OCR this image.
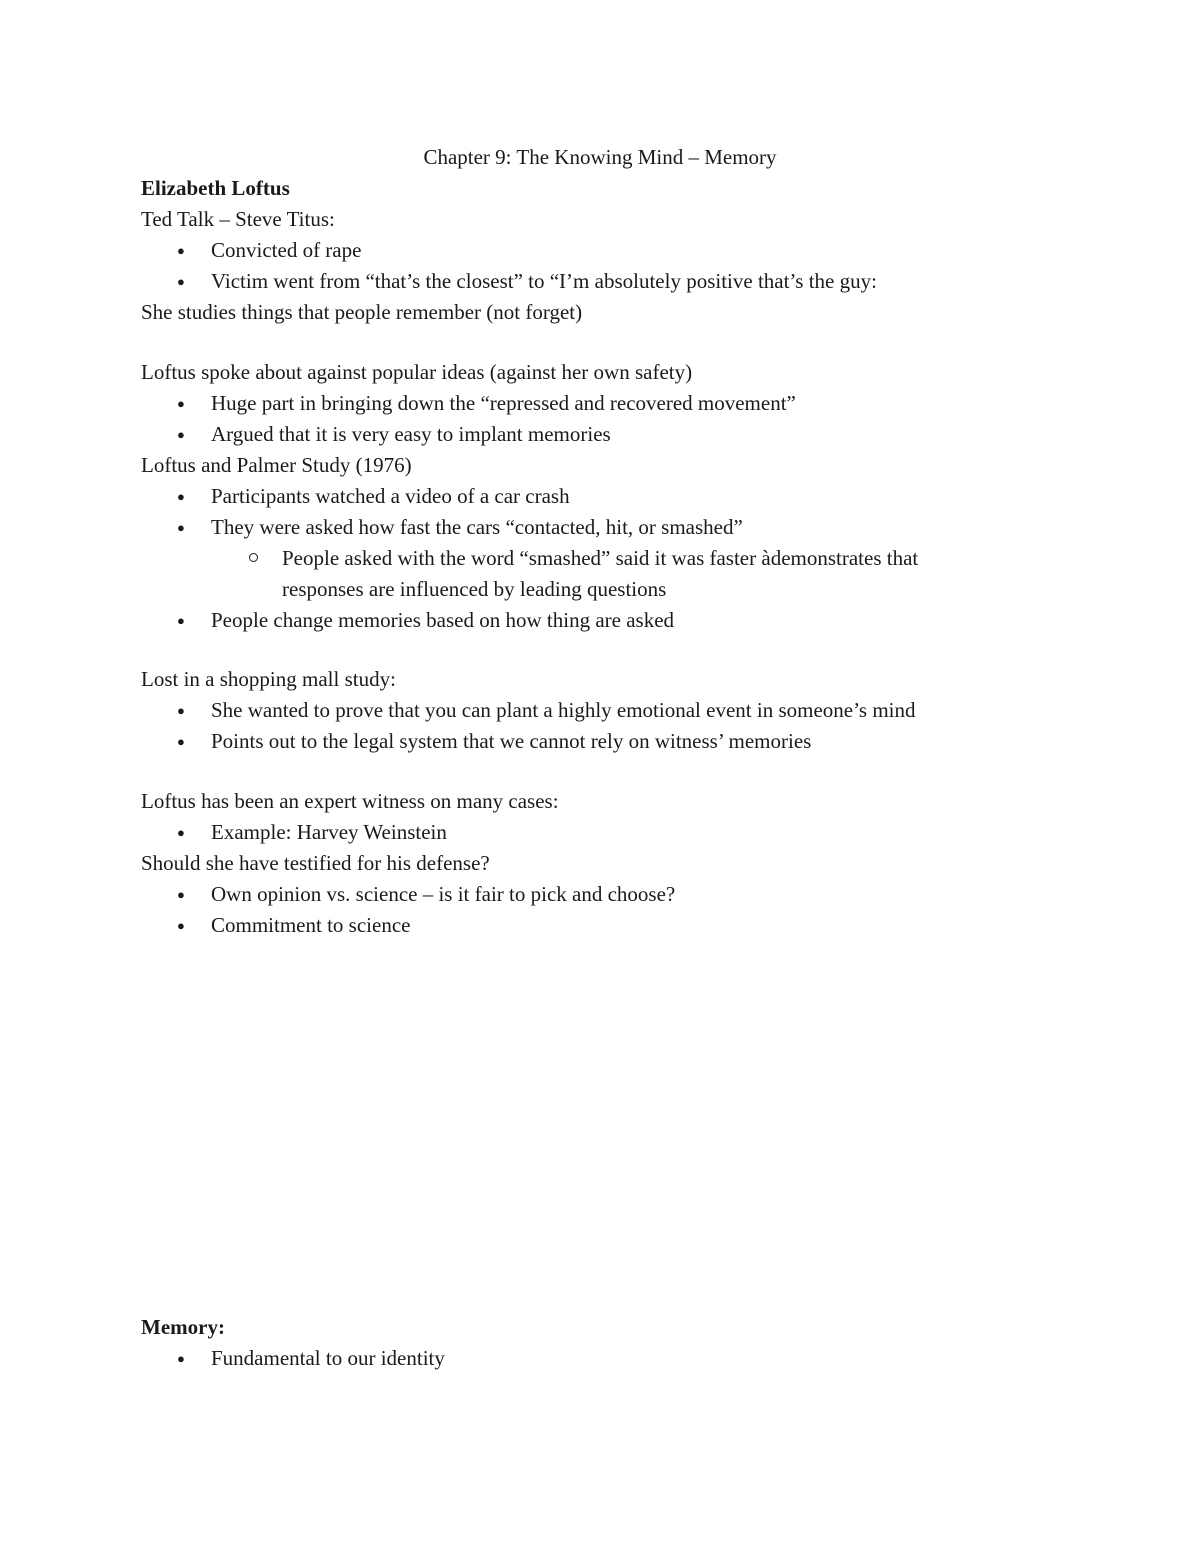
Chapter 9: The Knowing Mind – Memory
Elizabeth Loftus
Ted Talk – Steve Titus:
● Convicted of rape
● Victim went from “that’s the closest” to “I’m absolutely positive that’s the guy:
She studies things that people remember (not forget)
Loftus spoke about against popular ideas (against her own safety)
● Huge part in bringing down the “repressed and recovered movement”
● Argued that it is very easy to implant memories
Loftus and Palmer Study (1976)
● Participants watched a video of a car crash
● They were asked how fast the cars “contacted, hit, or smashed”
People asked with the word “smashed” said it was faster àdemonstrates that
responses are influenced by leading questions
● People change memories based on how thing are asked
Lost in a shopping mall study:
● She wanted to prove that you can plant a highly emotional event in someone’s mind
● Points out to the legal system that we cannot rely on witness’ memories
Loftus has been an expert witness on many cases:
● Example: Harvey Weinstein
Should she have testified for his defense?
● Own opinion vs. science – is it fair to pick and choose?
● Commitment to science
Memory:
● Fundamental to our identity
